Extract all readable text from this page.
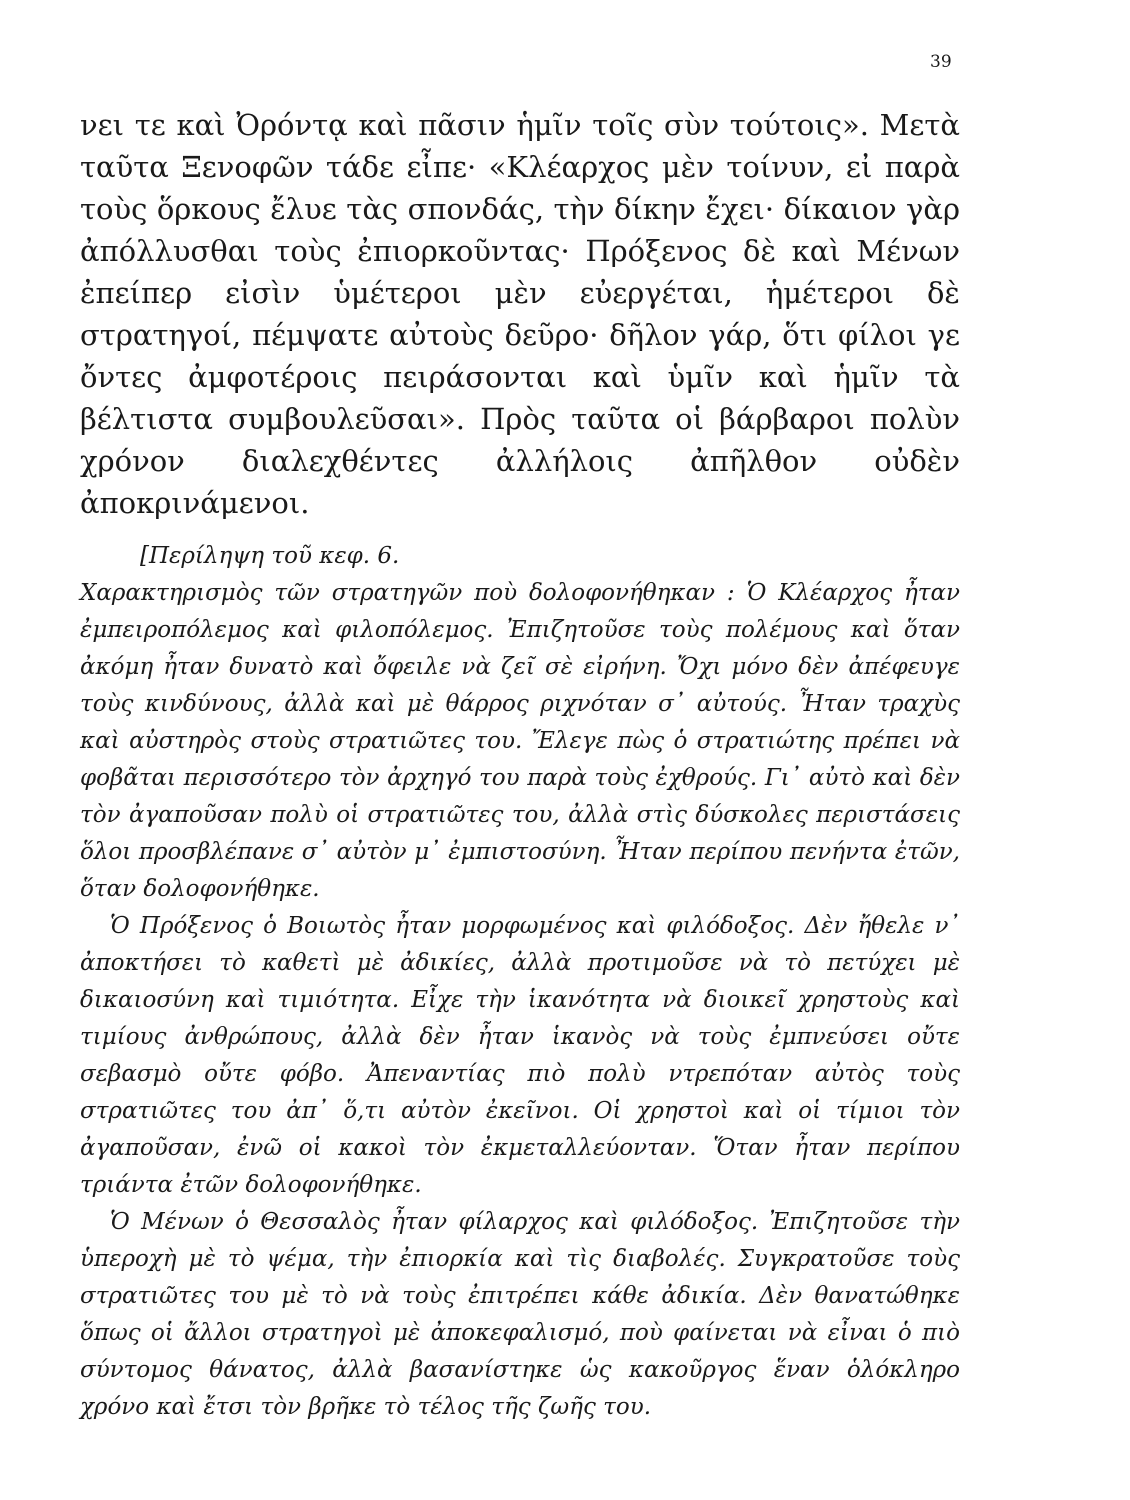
39

νει τε καὶ Ὀρόντᾳ καὶ πᾶσιν ἡμῖν τοῖς σὺν τούτοις». Μετὰ ταῦτα Ξενοφῶν τάδε εἶπε· «Κλέαρχος μὲν τοίνυν, εἰ παρὰ τοὺς ὅρκους ἔλυε τὰς σπονδάς, τὴν δίκην ἔχει· δίκαιον γὰρ ἀπόλλυσθαι τοὺς ἐπιορκοῦντας· Πρόξενος δὲ καὶ Μένων ἐπείπερ εἰσὶν ὑμέτεροι μὲν εὐεργέται, ἡμέτεροι δὲ στρατηγοί, πέμψατε αὐτοὺς δεῦρο· δῆλον γάρ, ὅτι φίλοι γε ὄντες ἀμφοτέροις πειράσονται καὶ ὑμῖν καὶ ἡμῖν τὰ βέλτιστα συμβουλεῦσαι». Πρὸς ταῦτα οἱ βάρβαροι πολὺν χρόνον διαλεχθέντες ἀλλήλοις ἀπῆλθον οὐδὲν ἀποκρινάμενοι.

[Περίληψη τοῦ κεφ. 6.

Χαρακτηρισμὸς τῶν στρατηγῶν ποὺ δολοφονήθηκαν : Ὁ Κλέαρχος ἦταν ἐμπειροπόλεμος καὶ φιλοπόλεμος. Ἐπιζητοῦσε τοὺς πολέμους καὶ ὅταν ἀκόμη ἦταν δυνατὸ καὶ ὄφειλε νὰ ζεῖ σὲ εἰρήνη. Ὄχι μόνο δὲν ἀπέφευγε τοὺς κινδύνους, ἀλλὰ καὶ μὲ θάρρος ριχνόταν σ᾽ αὐτούς. Ἦταν τραχὺς καὶ αὐστηρὸς στοὺς στρατιῶτες του. Ἔλεγε πὼς ὁ στρατιώτης πρέπει νὰ φοβᾶται περισσότερο τὸν ἀρχηγό του παρὰ τοὺς ἐχθρούς. Γι᾽ αὐτὸ καὶ δὲν τὸν ἀγαποῦσαν πολὺ οἱ στρατιῶτες του, ἀλλὰ στὶς δύσκολες περιστάσεις ὅλοι προσβλέπανε σ᾽ αὐτὸν μ᾽ ἐμπιστοσύνη. Ἦταν περίπου πενήντα ἐτῶν, ὅταν δολοφονήθηκε.

Ὁ Πρόξενος ὁ Βοιωτὸς ἦταν μορφωμένος καὶ φιλόδοξος. Δὲν ἤθελε ν᾽ ἀποκτήσει τὸ καθετὶ μὲ ἀδικίες, ἀλλὰ προτιμοῦσε νὰ τὸ πετύχει μὲ δικαιοσύνη καὶ τιμιότητα. Εἶχε τὴν ἱκανότητα νὰ διοικεῖ χρηστοὺς καὶ τιμίους ἀνθρώπους, ἀλλὰ δὲν ἦταν ἱκανὸς νὰ τοὺς ἐμπνεύσει οὔτε σεβασμὸ οὔτε φόβο. Ἀπεναντίας πιὸ πολὺ ντρεπόταν αὐτὸς τοὺς στρατιῶτες του ἀπ᾽ ὅ,τι αὐτὸν ἐκεῖνοι. Οἱ χρηστοὶ καὶ οἱ τίμιοι τὸν ἀγαποῦσαν, ἐνῶ οἱ κακοὶ τὸν ἐκμεταλλεύονταν. Ὅταν ἦταν περίπου τριάντα ἐτῶν δολοφονήθηκε.

Ὁ Μένων ὁ Θεσσαλὸς ἦταν φίλαρχος καὶ φιλόδοξος. Ἐπιζητοῦσε τὴν ὑπεροχὴ μὲ τὸ ψέμα, τὴν ἐπιορκία καὶ τὶς διαβολές. Συγκρατοῦσε τοὺς στρατιῶτες του μὲ τὸ νὰ τοὺς ἐπιτρέπει κάθε ἀδικία. Δὲν θανατώθηκε ὅπως οἱ ἄλλοι στρατηγοὶ μὲ ἀποκεφαλισμό, ποὺ φαίνεται νὰ εἶναι ὁ πιὸ σύντομος θάνατος, ἀλλὰ βασανίστηκε ὡς κακοῦργος ἕναν ὁλόκληρο χρόνο καὶ ἔτσι τὸν βρῆκε τὸ τέλος τῆς ζωῆς του.
